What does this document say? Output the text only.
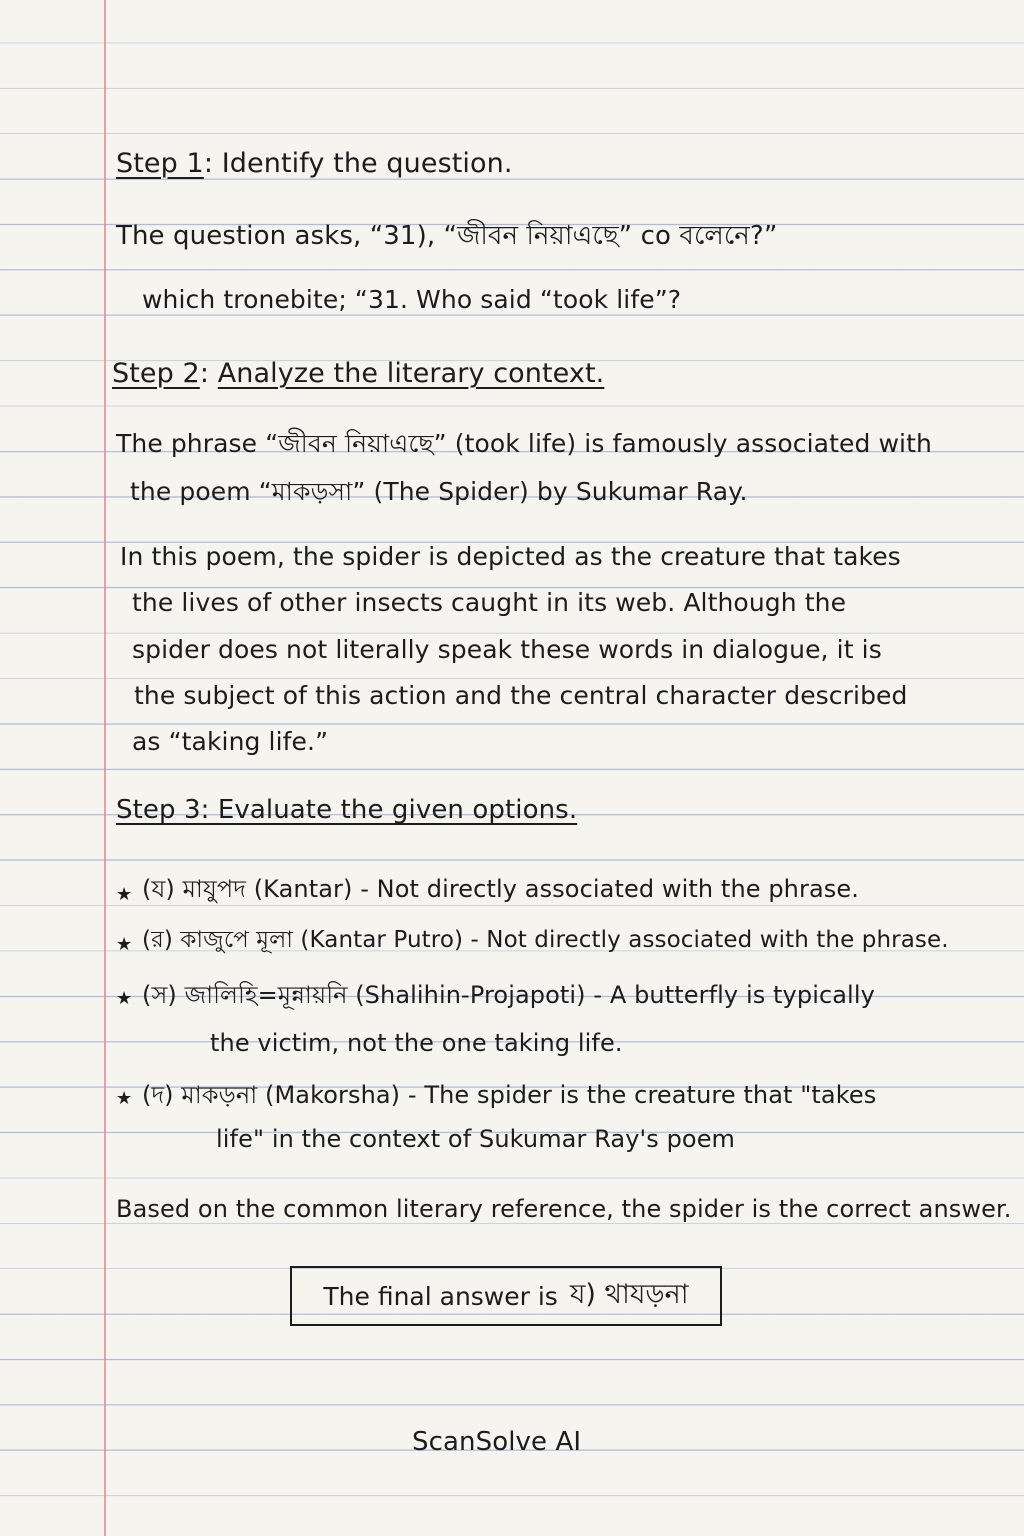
Step 1: Identify the question.
The question asks, “31), “জীবন নিয়াএছে” co বলেনে?”
which tronebite; “31. Who said “took life”?
Step 2: Analyze the literary context.
The phrase “জীবন নিয়াএছে” (took life) is famously associated with
the poem “মাকড়সা” (The Spider) by Sukumar Ray.
In this poem, the spider is depicted as the creature that takes
the lives of other insects caught in its web. Although the
spider does not literally speak these words in dialogue, it is
the subject of this action and the central character described
as “taking life.”
Step 3: Evaluate the given options.
★ (য) মাযুপদ (Kantar) - Not directly associated with the phrase.
★ (র) কাজুপে মূলা (Kantar Putro) - Not directly associated with the phrase.
★ (স) জালিহি=মূন্নায়নি (Shalihin-Projapoti) - A butterfly is typically
the victim, not the one taking life.
★ (দ) মাকড়না (Makorsha) - The spider is the creature that "takes
life" in the context of Sukumar Ray's poem
Based on the common literary reference, the spider is the correct answer.
The final answer is য) থাযড়না
ScanSolve AI
